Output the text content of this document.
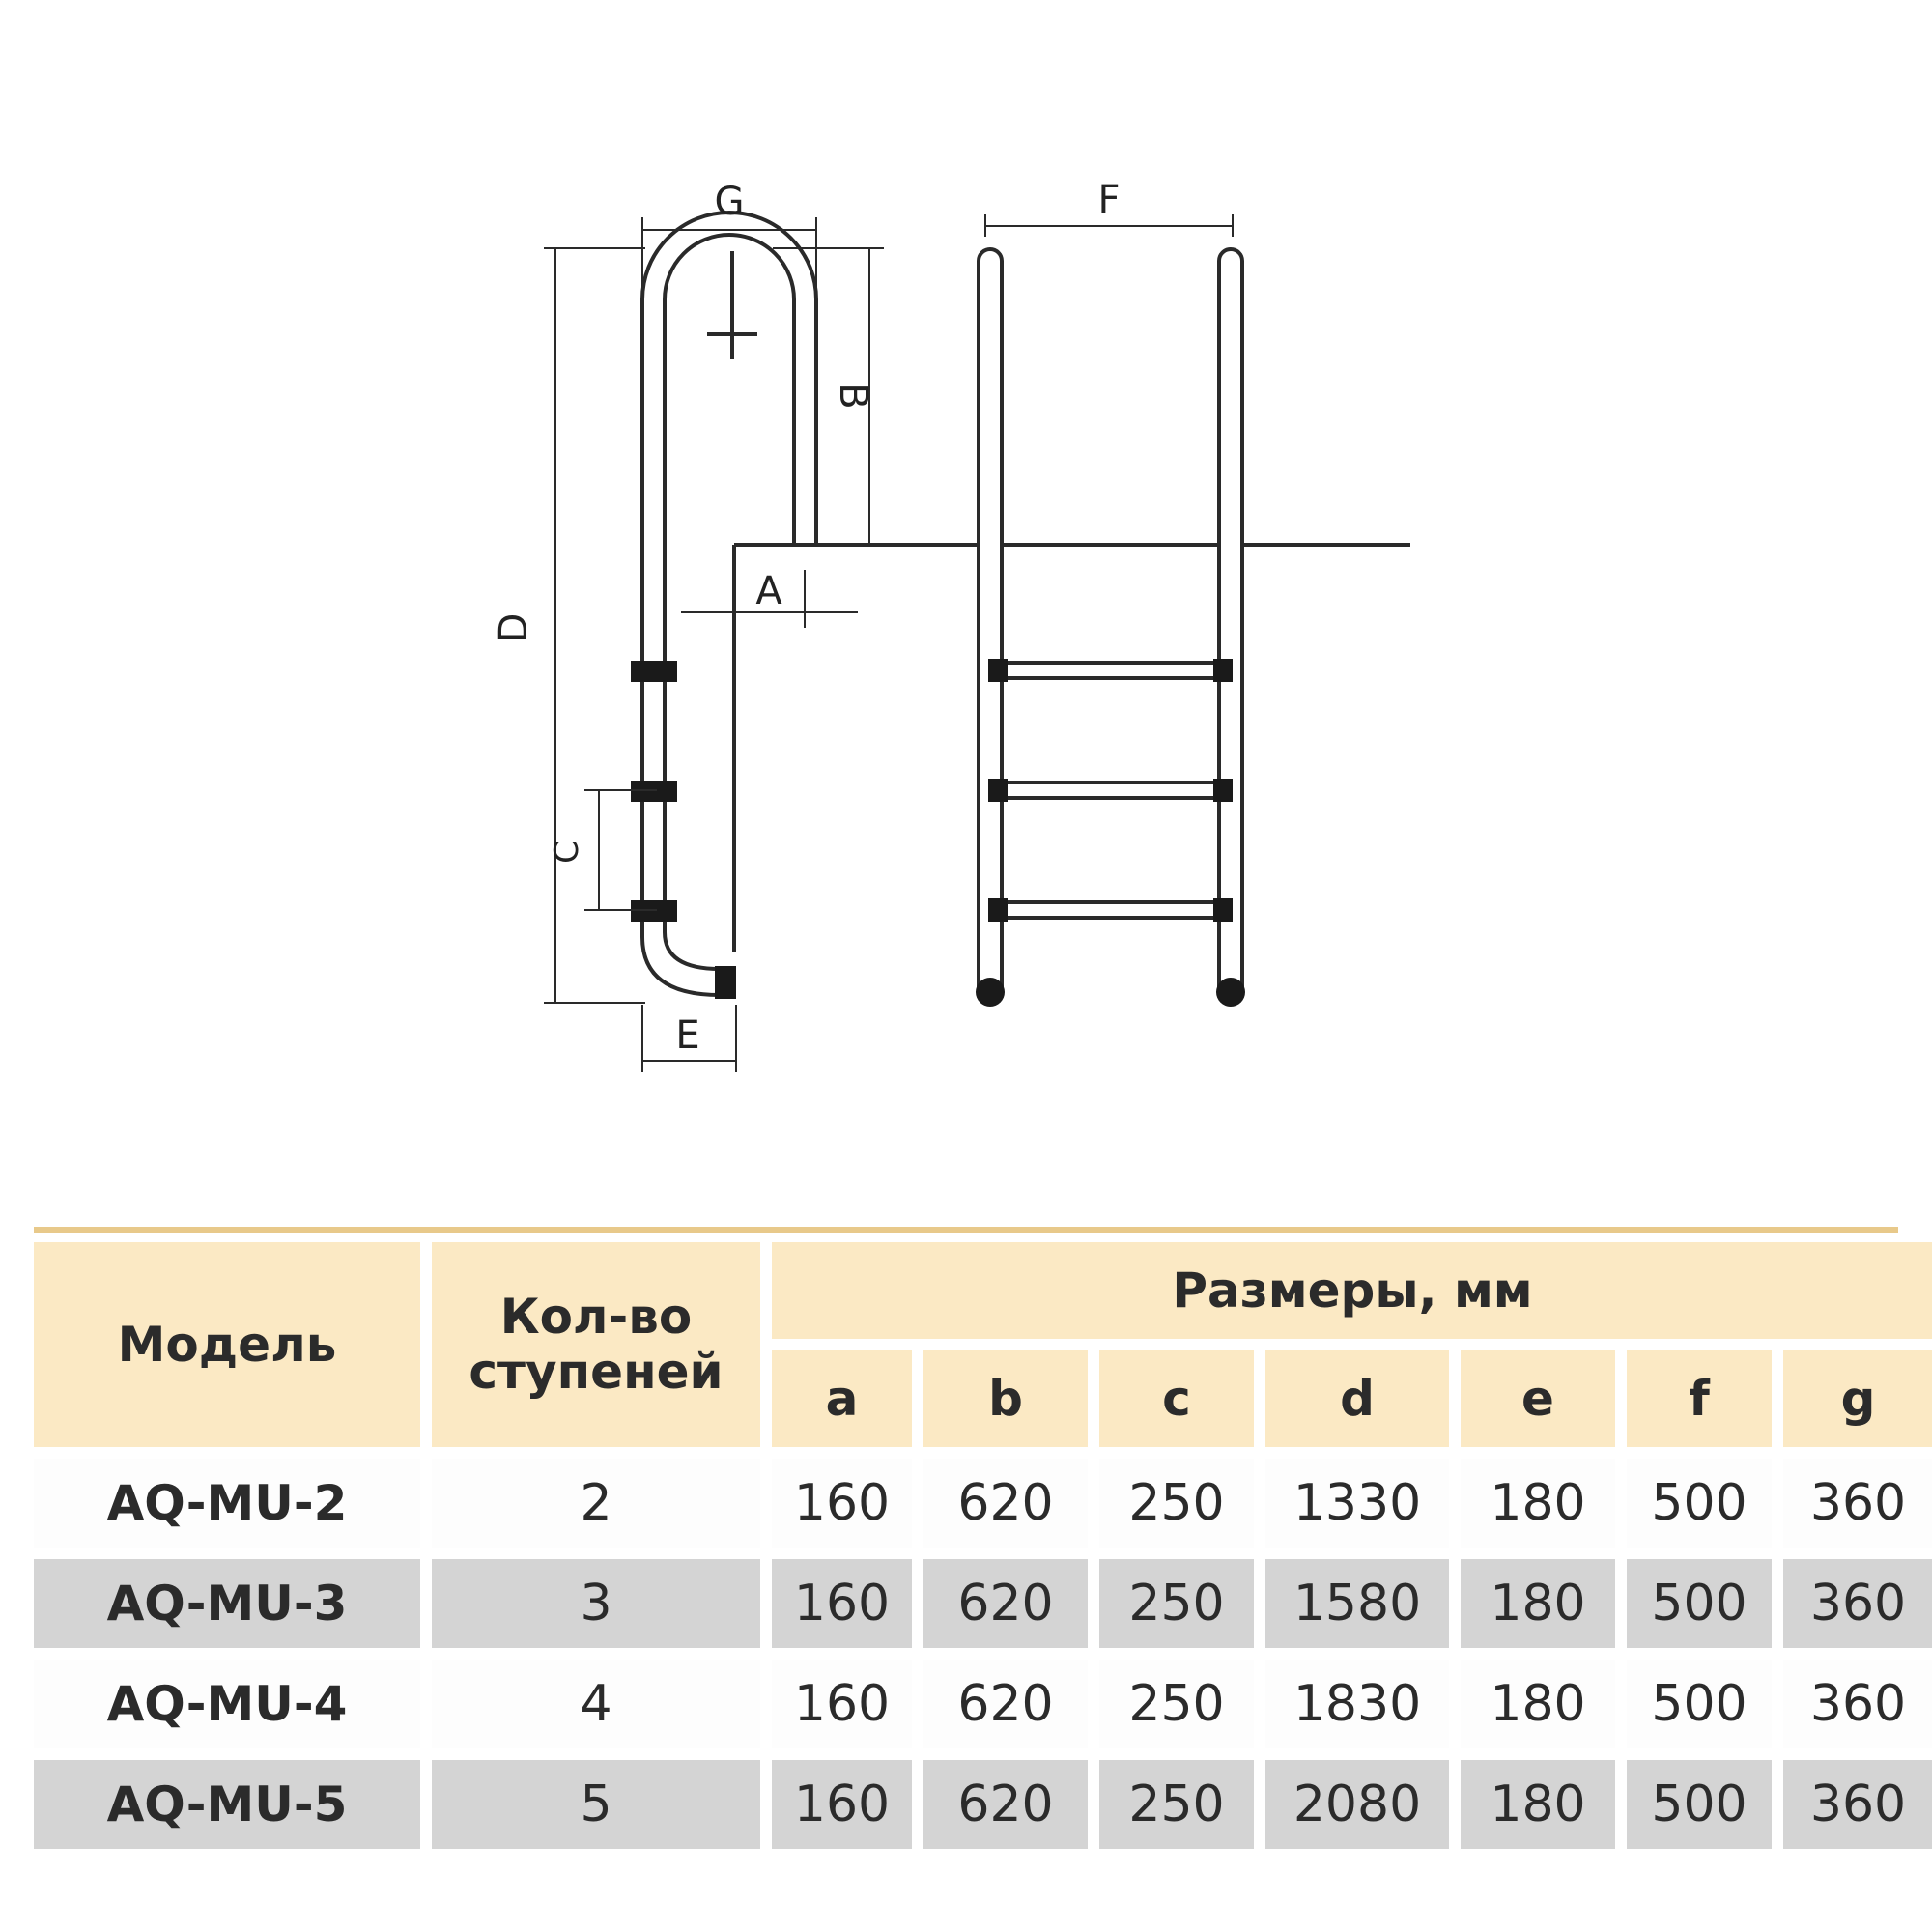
G
B
A
D
C
E
F
Модель
Кол-во
ступеней
Размеры, мм
a	b	c	d	e	f	g
AQ-MU-2	2	160	620	250	1330	180	500	360
AQ-MU-3	3	160	620	250	1580	180	500	360
AQ-MU-4	4	160	620	250	1830	180	500	360
AQ-MU-5	5	160	620	250	2080	180	500	360
